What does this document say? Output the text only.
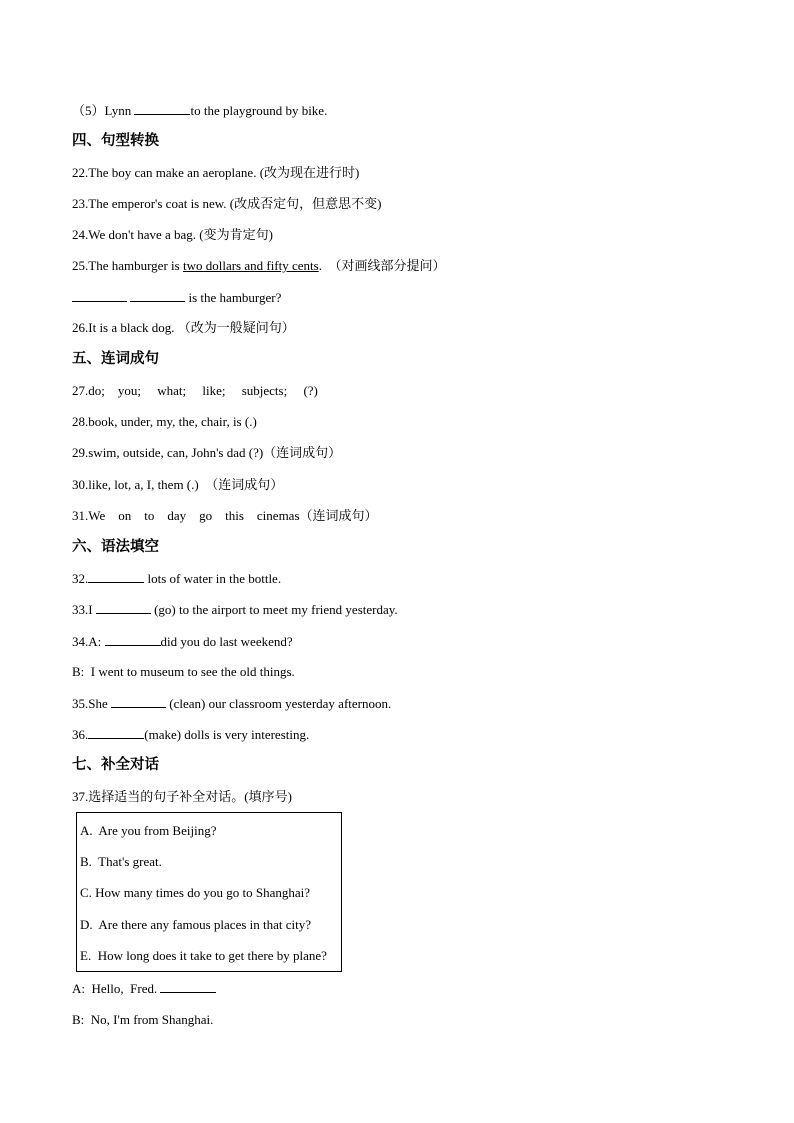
（5）Lynn	to the playground by bike.
四、句型转换
22.The boy can make an aeroplane. (改为现在进行时)
23.The emperor's coat is new. (改成否定句，但意思不变)
24.We don't have a bag. (变为肯定句)
25.The hamburger is two dollars and fifty cents.  （对画线部分提问）
is the hamburger?
26.It is a black dog. （改为一般疑问句）
五、连词成句
27.do;    you;     what;     like;     subjects;     (?)
28.book, under, my, the, chair, is (.)
29.swim, outside, can, John's dad (?)（连词成句）
30.like, lot, a, I, them (.)  （连词成句）
31.We    on    to    day    go    this    cinemas（连词成句）
六、语法填空
32.	lots of water in the bottle.
33.I	(go) to the airport to meet my friend yesterday.
34.A:	did you do last weekend?
B:  I went to museum to see the old things.
35.She	(clean) our classroom yesterday afternoon.
36.	(make) dolls is very interesting.
七、补全对话
37.选择适当的句子补全对话。(填序号)
A.  Are you from Beijing?
B.  That's great.
C. How many times do you go to Shanghai?
D.  Are there any famous places in that city?
E.  How long does it take to get there by plane?
A:  Hello,  Fred.
B:  No, I'm from Shanghai.
